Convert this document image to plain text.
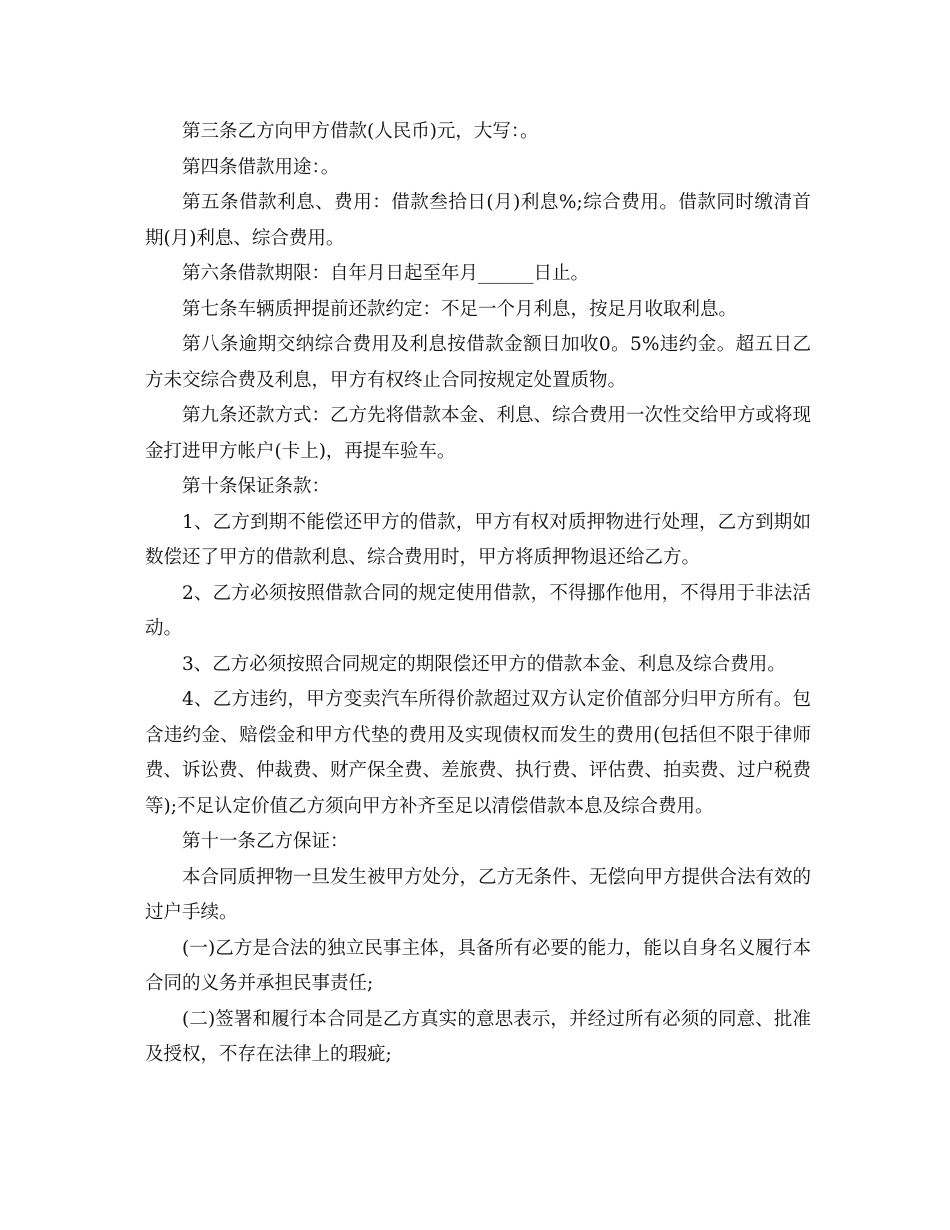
第三条乙方向甲方借款(人民币)元，大写：。

第四条借款用途：。

第五条借款利息、费用：借款叁拾日(月)利息%;综合费用。借款同时缴清首期(月)利息、综合费用。

第六条借款期限：自年月日起至年月______日止。

第七条车辆质押提前还款约定：不足一个月利息，按足月收取利息。

第八条逾期交纳综合费用及利息按借款金额日加收0。5%违约金。超五日乙方未交综合费及利息，甲方有权终止合同按规定处置质物。

第九条还款方式：乙方先将借款本金、利息、综合费用一次性交给甲方或将现金打进甲方帐户(卡上)，再提车验车。

第十条保证条款：

1、乙方到期不能偿还甲方的借款，甲方有权对质押物进行处理，乙方到期如数偿还了甲方的借款利息、综合费用时，甲方将质押物退还给乙方。

2、乙方必须按照借款合同的规定使用借款，不得挪作他用，不得用于非法活动。

3、乙方必须按照合同规定的期限偿还甲方的借款本金、利息及综合费用。

4、乙方违约，甲方变卖汽车所得价款超过双方认定价值部分归甲方所有。包含违约金、赔偿金和甲方代垫的费用及实现债权而发生的费用(包括但不限于律师费、诉讼费、仲裁费、财产保全费、差旅费、执行费、评估费、拍卖费、过户税费等);不足认定价值乙方须向甲方补齐至足以清偿借款本息及综合费用。

第十一条乙方保证：

本合同质押物一旦发生被甲方处分，乙方无条件、无偿向甲方提供合法有效的过户手续。

(一)乙方是合法的独立民事主体，具备所有必要的能力，能以自身名义履行本合同的义务并承担民事责任;

(二)签署和履行本合同是乙方真实的意思表示，并经过所有必须的同意、批准及授权，不存在法律上的瑕疵;
